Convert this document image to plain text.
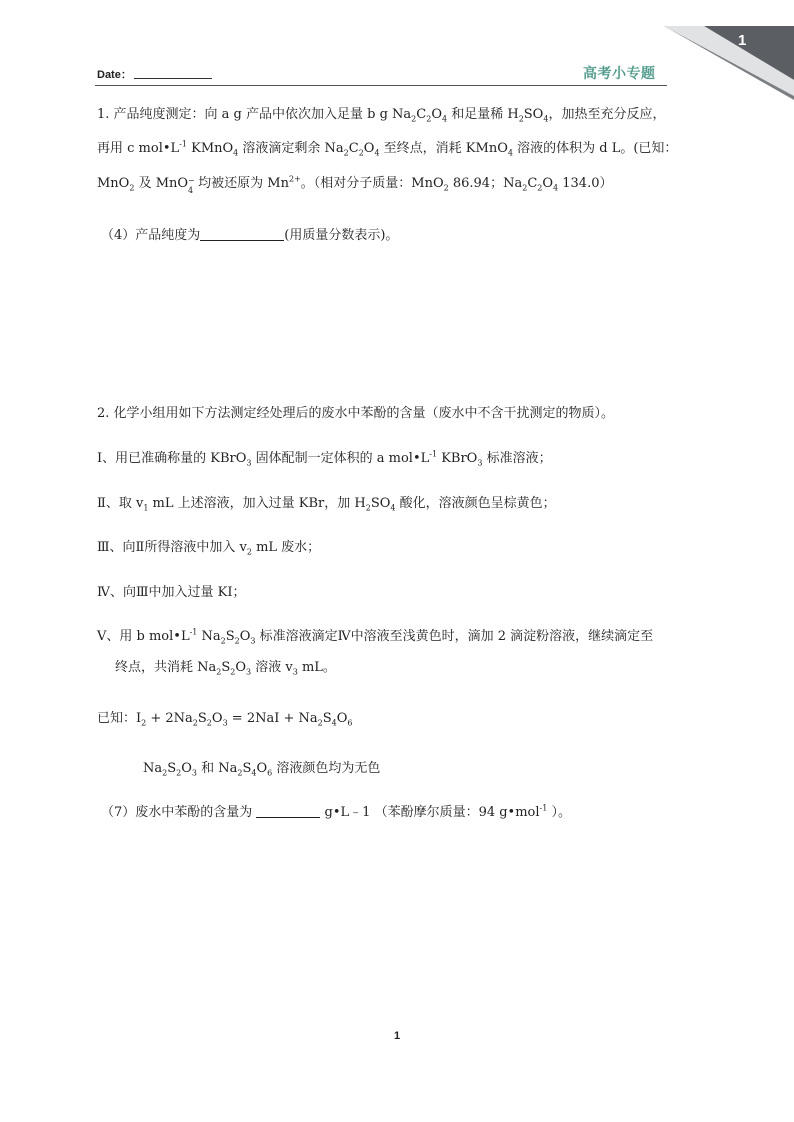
Date：	高考小专题
1
1. 产品纯度测定：向 a g 产品中依次加入足量 b g $Na_2C_2O_4$ 和足量稀 $H_2SO_4$，加热至充分反应，
再用 c $mol•L^{-1}$ KMnO$_4$ 溶液滴定剩余 $Na_2C_2O_4$ 至终点，消耗 KMnO$_4$ 溶液的体积为 d L。(已知：
MnO$_2$ 及 MnO −
4 均被还原为 $Mn^{2+}$。（相对分子质量：MnO$_2$ 86.94；$Na_2C_2O_4$ 134.0）
（4）产品纯度为	(用质量分数表示)。
2. 化学小组用如下方法测定经处理后的废水中苯酚的含量（废水中不含干扰测定的物质）。
Ⅰ、用已准确称量的 KBrO$_3$ 固体配制一定体积的 a $mol•L^{-1}$ KBrO$_3$ 标准溶液；
Ⅱ、取 $v_1$ mL 上述溶液，加入过量 KBr，加 $H_2SO_4$ 酸化，溶液颜色呈棕黄色；
Ⅲ、向Ⅱ所得溶液中加入 $v_2$ mL 废水；
Ⅳ、向Ⅲ中加入过量 KI；
Ⅴ、用 b $mol•L^{-1}$ $Na_2S_2O_3$ 标准溶液滴定Ⅳ中溶液至浅黄色时，滴加 2 滴淀粉溶液，继续滴定至
终点，共消耗 $Na_2S_2O_3$ 溶液 $v_3$ mL。
已知：$I_2 + 2Na_2S_2O_3 = 2NaI + Na_2S_4O_6$
$Na_2S_2O_3$ 和 $Na_2S_4O_6$ 溶液颜色均为无色
（7）废水中苯酚的含量为	g•L﹣1 （苯酚摩尔质量：94 g•mol$^{-1}$ ）。
1
